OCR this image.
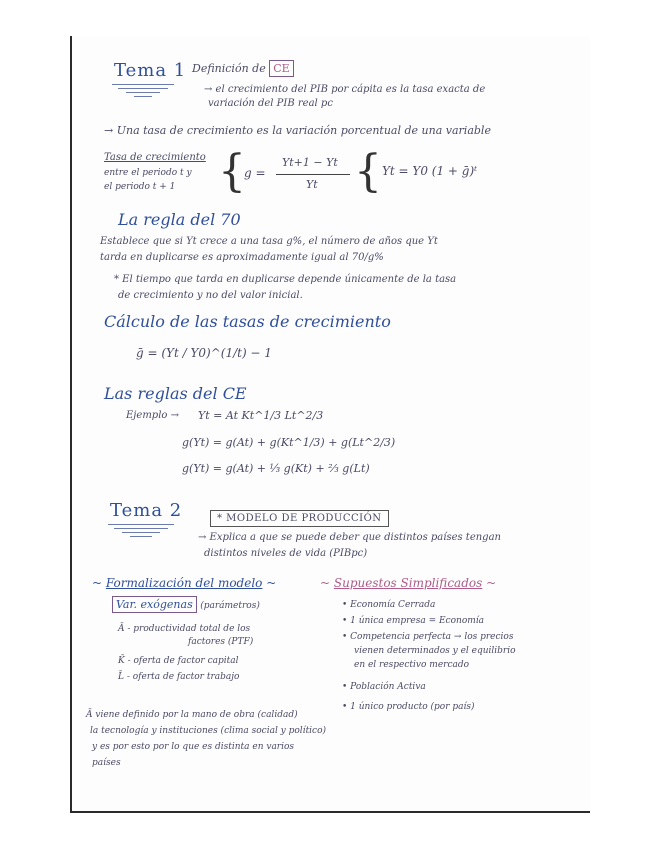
Tema 1 Definición de CE
→ el crecimiento del PIB por cápita es la tasa exacta de
variación del PIB real pc
→ Una tasa de crecimiento es la variación porcentual de una variable
Tasa de crecimiento
entre el periodo t y
el periodo t + 1 {
g =
Yt+1 − Yt
Yt { Yt = Y0 (1 + ḡ)ᵗ
La regla del 70
Establece que si Yt crece a una tasa g%, el número de años que Yt
tarda en duplicarse es aproximadamente igual al 70/g%
* El tiempo que tarda en duplicarse depende únicamente de la tasa
de crecimiento y no del valor inicial.
Cálculo de las tasas de crecimiento
ḡ = (Yt / Y0)^(1/t) − 1
Las reglas del CE
Ejemplo → Yt = At Kt^1/3 Lt^2/3
g(Yt) = g(At) + g(Kt^1/3) + g(Lt^2/3)
g(Yt) = g(At) + ⅓ g(Kt) + ⅔ g(Lt)
Tema 2	* MODELO DE PRODUCCIÓN
→ Explica a que se puede deber que distintos países tengan
distintos niveles de vida (PIBpc)
~ Formalización del modelo ~
Var. exógenas (parámetros)
Ā - productividad total de los
factores (PTF)
K̄ - oferta de factor capital
L̄ - oferta de factor trabajo
~ Supuestos Simplificados ~
• Economía Cerrada
• 1 única empresa = Economía
• Competencia perfecta → los precios
vienen determinados y el equilibrio
en el respectivo mercado
• Población Activa
• 1 único producto (por país)
Ā viene definido por la mano de obra (calidad)
la tecnología y instituciones (clima social y político)
y es por esto por lo que es distinta en varios
países
